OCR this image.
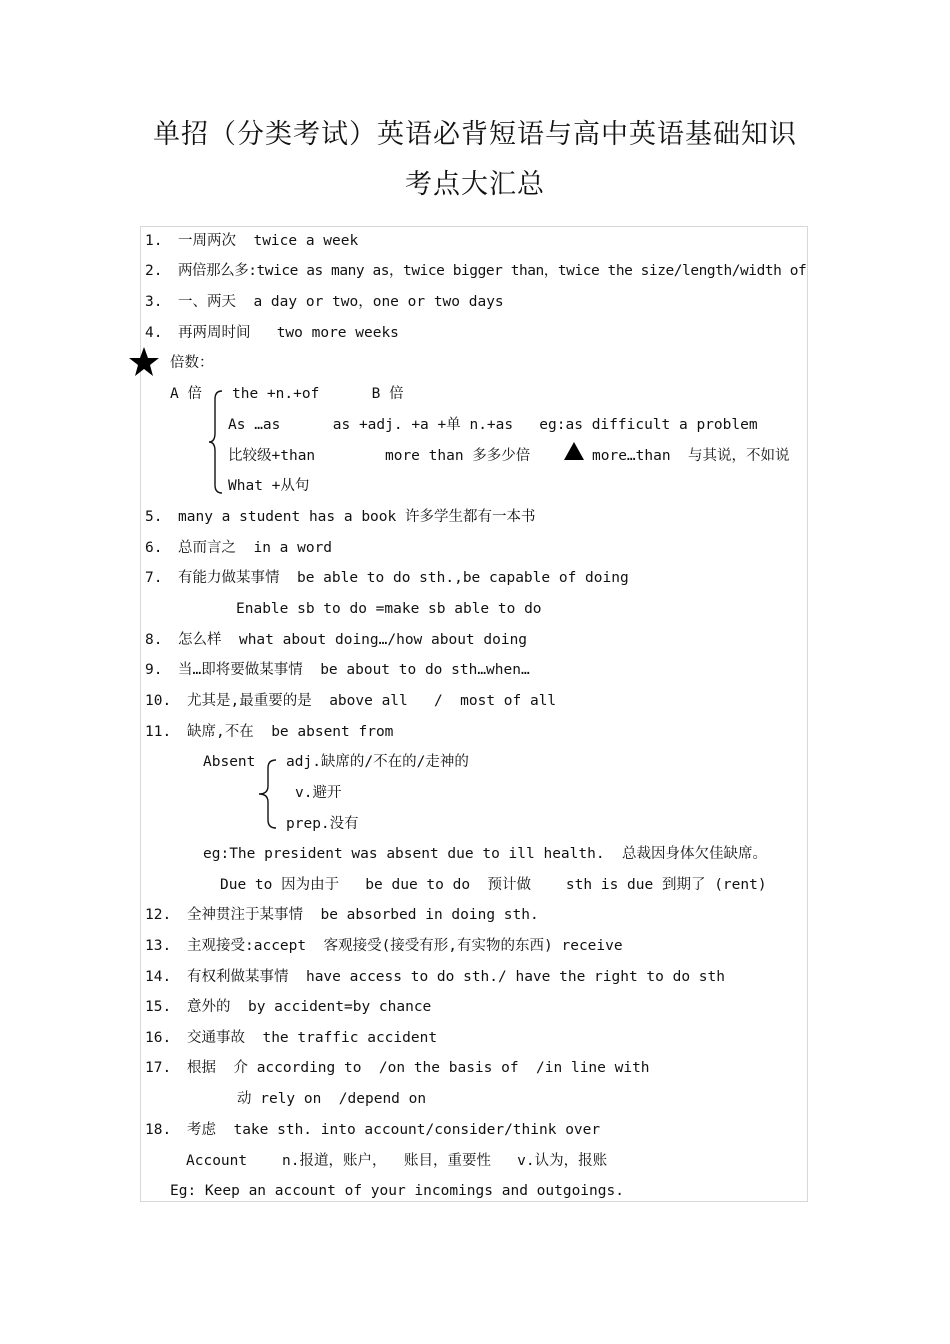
单招（分类考试）英语必背短语与高中英语基础知识
考点大汇总
1. 一周两次  twice a week
2. 两倍那么多:twice as many as，twice bigger than，twice the size/length/width of
3. 一、两天  a day or two，one or two days
4. 再两周时间   two more weeks
倍数：
A 倍 the +n.+of      B 倍
As …as      as +adj. +a +单 n.+as   eg:as difficult a problem
比较级+than        more than 多多少倍	more…than  与其说，不如说
What +从句
5. many a student has a book 许多学生都有一本书
6. 总而言之  in a word
7. 有能力做某事情  be able to do sth.,be capable of doing
Enable sb to do =make sb able to do
8. 怎么样  what about doing…/how about doing
9. 当…即将要做某事情  be about to do sth…when…
10. 尤其是,最重要的是  above all   /  most of all
11. 缺席,不在  be absent from
Absent adj.缺席的/不在的/走神的
v.避开
prep.没有
eg:The president was absent due to ill health.  总裁因身体欠佳缺席。
Due to 因为由于   be due to do  预计做    sth is due 到期了 (rent)
12. 全神贯注于某事情  be absorbed in doing sth.
13. 主观接受:accept  客观接受(接受有形,有实物的东西) receive
14. 有权利做某事情  have access to do sth./ have the right to do sth
15. 意外的  by accident=by chance
16. 交通事故  the traffic accident
17. 根据  介 according to  /on the basis of  /in line with
动 rely on  /depend on
18. 考虑  take sth. into account/consider/think over
Account    n.报道，账户，  账目，重要性   v.认为，报账
Eg: Keep an account of your incomings and outgoings.
